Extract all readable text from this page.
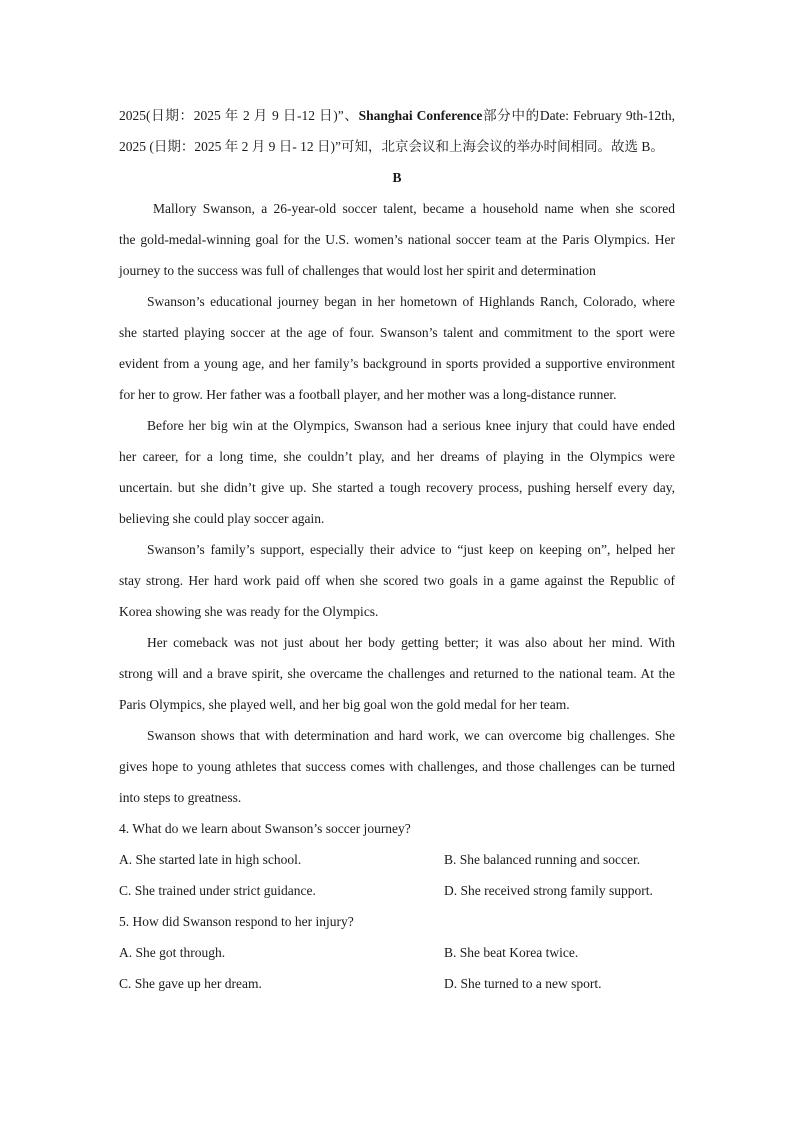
2025(日期：2025 年 2 月 9 日-12 日)”、Shanghai Conference部分中的Date: February 9th-12th,

2025 (日期：2025 年 2 月 9 日- 12 日)”可知，北京会议和上海会议的举办时间相同。故选 B。

B

Mallory Swanson, a 26-year-old soccer talent, became a household name when she scored

the gold-medal-winning goal for the U.S. women’s national soccer team at the Paris Olympics. Her

journey to the success was full of challenges that would lost her spirit and determination

Swanson’s educational journey began in her hometown of Highlands Ranch, Colorado, where

she started playing soccer at the age of four. Swanson’s talent and commitment to the sport were

evident from a young age, and her family’s background in sports provided a supportive environment

for her to grow. Her father was a football player, and her mother was a long-distance runner.

Before her big win at the Olympics, Swanson had a serious knee injury that could have ended

her career, for a long time, she couldn’t play, and her dreams of playing in the Olympics were

uncertain. but she didn’t give up. She started a tough recovery process, pushing herself every day,

believing she could play soccer again.

Swanson’s family’s support, especially their advice to “just keep on keeping on”, helped her

stay strong. Her hard work paid off when she scored two goals in a game against the Republic of

Korea showing she was ready for the Olympics.

Her comeback was not just about her body getting better; it was also about her mind. With

strong will and a brave spirit, she overcame the challenges and returned to the national team. At the

Paris Olympics, she played well, and her big goal won the gold medal for her team.

Swanson shows that with determination and hard work, we can overcome big challenges. She

gives hope to young athletes that success comes with challenges, and those challenges can be turned

into steps to greatness.

4. What do we learn about Swanson’s soccer journey?

A. She started late in high school.	B. She balanced running and soccer.
C. She trained under strict guidance.	D. She received strong family support.

5. How did Swanson respond to her injury?

A. She got through.	B. She beat Korea twice.
C. She gave up her dream.	D. She turned to a new sport.
